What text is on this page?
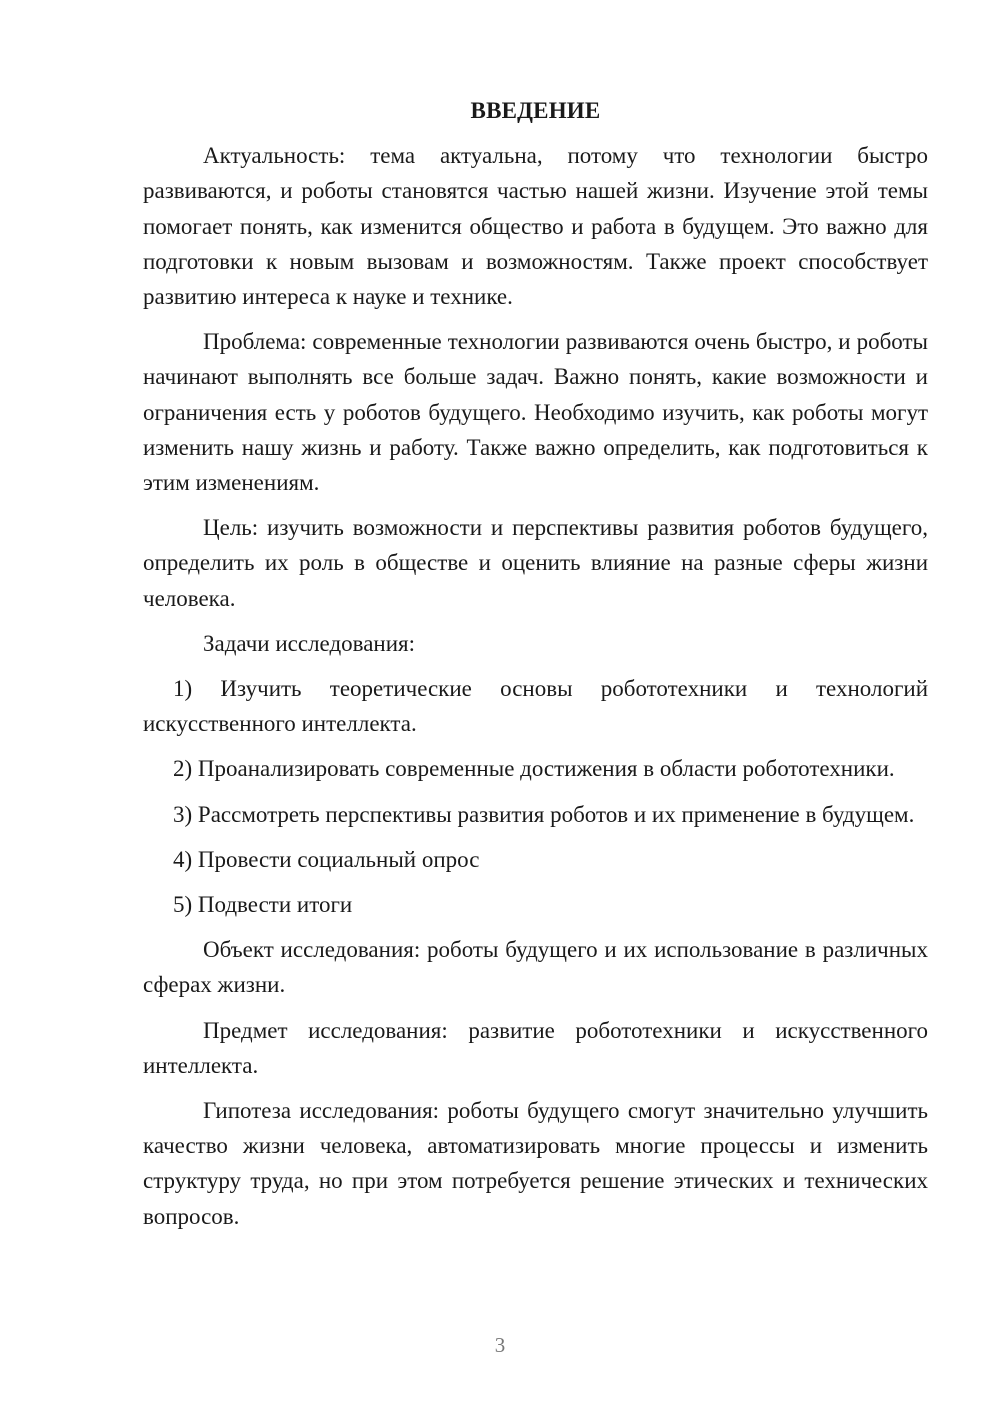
ВВЕДЕНИЕ

Актуальность: тема актуальна, потому что технологии быстро развиваются, и роботы становятся частью нашей жизни. Изучение этой темы помогает понять, как изменится общество и работа в будущем. Это важно для подготовки к новым вызовам и возможностям. Также проект способствует развитию интереса к науке и технике.

Проблема: современные технологии развиваются очень быстро, и роботы начинают выполнять все больше задач. Важно понять, какие возможности и ограничения есть у роботов будущего. Необходимо изучить, как роботы могут изменить нашу жизнь и работу. Также важно определить, как подготовиться к этим изменениям.

Цель: изучить возможности и перспективы развития роботов будущего, определить их роль в обществе и оценить влияние на разные сферы жизни человека.

Задачи исследования:

1) Изучить теоретические основы робототехники и технологий искусственного интеллекта.

2) Проанализировать современные достижения в области робототехники.

3) Рассмотреть перспективы развития роботов и их применение в будущем.

4) Провести социальный опрос

5) Подвести итоги

Объект исследования: роботы будущего и их использование в различных сферах жизни.

Предмет исследования: развитие робототехники и искусственного интеллекта.

Гипотеза исследования: роботы будущего смогут значительно улучшить качество жизни человека, автоматизировать многие процессы и изменить структуру труда, но при этом потребуется решение этических и технических вопросов.

3
